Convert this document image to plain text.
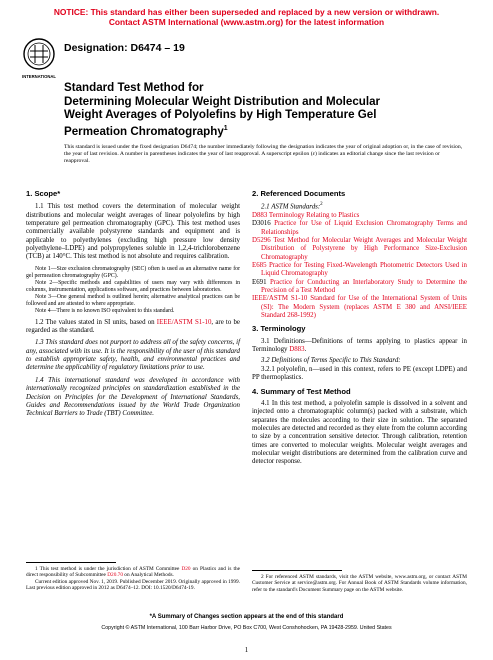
NOTICE: This standard has either been superseded and replaced by a new version or withdrawn.
Contact ASTM International (www.astm.org) for the latest information
INTERNATIONAL
Designation: D6474 – 19
Standard Test Method for
Determining Molecular Weight Distribution and Molecular
Weight Averages of Polyolefins by High Temperature Gel
Permeation Chromatography$^1$
This standard is issued under the fixed designation D6474; the number immediately following the designation indicates the year of original adoption or, in the case of revision, the year of last revision. A number in parentheses indicates the year of last reapproval. A superscript epsilon (ε) indicates an editorial change since the last revision or reapproval.
1. Scope*

1.1 This test method covers the determination of molecular weight distributions and molecular weight averages of linear polyolefins by high temperature gel permeation chromatography (GPC). This test method uses commercially available polystyrene standards and equipment and is applicable to polyethylenes (excluding high pressure low density polyethylene–LDPE) and polypropylenes soluble in 1,2,4-trichlorobenzene (TCB) at 140°C. This test method is not absolute and requires calibration.

Note 1—Size exclusion chromatography (SEC) often is used as an alternative name for gel permeation chromatography (GPC).

Note 2—Specific methods and capabilities of users may vary with differences in columns, instrumentation, applications software, and practices between laboratories.

Note 3—One general method is outlined herein; alternative analytical practices can be followed and are attested to where appropriate.

Note 4—There is no known ISO equivalent to this standard.

1.2 The values stated in SI units, based on IEEE/ASTM S1-10, are to be regarded as the standard.

1.3 This standard does not purport to address all of the safety concerns, if any, associated with its use. It is the responsibility of the user of this standard to establish appropriate safety, health, and environmental practices and determine the applicability of regulatory limitations prior to use.

1.4 This international standard was developed in accordance with internationally recognized principles on standardization established in the Decision on Principles for the Development of International Standards, Guides and Recommendations issued by the World Trade Organization Technical Barriers to Trade (TBT) Committee.

1 This test method is under the jurisdiction of ASTM Committee D20 on Plastics and is the direct responsibility of Subcommittee D20.70 on Analytical Methods.

Current edition approved Nov. 1, 2019. Published December 2019. Originally approved in 1999. Last previous edition approved in 2012 as D6474–12. DOI: 10.1520/D6474-19.

2. Referenced Documents

2.1 ASTM Standards:$^2$

D883 Terminology Relating to Plastics

D3016 Practice for Use of Liquid Exclusion Chromatography Terms and Relationships

D5296 Test Method for Molecular Weight Averages and Molecular Weight Distribution of Polystyrene by High Performance Size-Exclusion Chromatography

E685 Practice for Testing Fixed-Wavelength Photometric Detectors Used in Liquid Chromatography

E691 Practice for Conducting an Interlaboratory Study to Determine the Precision of a Test Method

IEEE/ASTM S1-10 Standard for Use of the International System of Units (SI): The Modern System (replaces ASTM E 380 and ANSI/IEEE Standard 268-1992)

3. Terminology

3.1 Definitions—Definitions of terms applying to plastics appear in Terminology D883.

3.2 Definitions of Terms Specific to This Standard:

3.2.1 polyolefin, n—used in this context, refers to PE (except LDPE) and PP thermoplastics.

4. Summary of Test Method

4.1 In this test method, a polyolefin sample is dissolved in a solvent and injected onto a chromatographic column(s) packed with a substrate, which separates the molecules according to their size in solution. The separated molecules are detected and recorded as they elute from the column according to size by a concentration sensitive detector. Through calibration, retention times are converted to molecular weights. Molecular weight averages and molecular weight distributions are determined from the calibration curve and detector response.

2 For referenced ASTM standards, visit the ASTM website, www.astm.org, or contact ASTM Customer Service at service@astm.org. For Annual Book of ASTM Standards volume information, refer to the standard's Document Summary page on the ASTM website.

*A Summary of Changes section appears at the end of this standard
Copyright © ASTM International, 100 Barr Harbor Drive, PO Box C700, West Conshohocken, PA 19428-2959. United States
1
